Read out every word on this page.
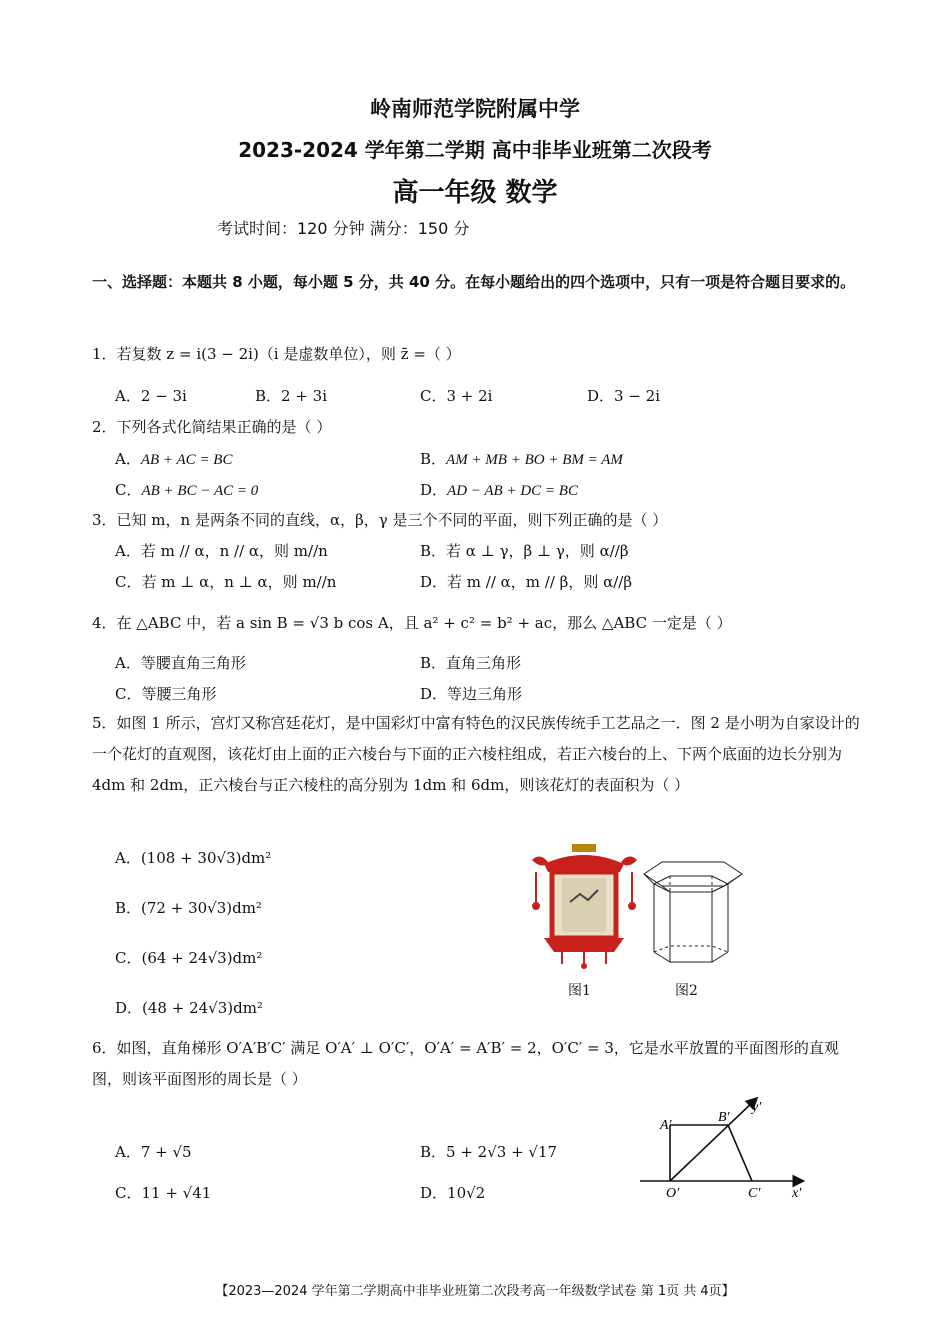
岭南师范学院附属中学
2023-2024 学年第二学期 高中非毕业班第二次段考
高一年级 数学
考试时间：120 分钟 满分：150 分
一、选择题：本题共 8 小题，每小题 5 分，共 40 分。在每小题给出的四个选项中，只有一项是符合题目要求的。
1．若复数 z = i(3 − 2i)（i 是虚数单位），则 z̄ =（ ）
A．2 − 3i	B．2 + 3i	C．3 + 2i	D．3 − 2i
2．下列各式化简结果正确的是（ ）
A．AB + AC = BC	B．AM + MB + BO + BM = AM
C．AB + BC − AC = 0	D．AD − AB + DC = BC
3．已知 m，n 是两条不同的直线，α，β，γ 是三个不同的平面，则下列正确的是（ ）
A．若 m // α，n // α，则 m//n	B．若 α ⊥ γ，β ⊥ γ，则 α//β
C．若 m ⊥ α，n ⊥ α，则 m//n	D．若 m // α，m // β，则 α//β
4．在 △ABC 中，若 a sin B = √3 b cos A，且 a² + c² = b² + ac，那么 △ABC 一定是（ ）
A．等腰直角三角形	B．直角三角形
C．等腰三角形	D．等边三角形
5．如图 1 所示，宫灯又称宫廷花灯，是中国彩灯中富有特色的汉民族传统手工艺品之一．图 2 是小明为自家设计的一个花灯的直观图，该花灯由上面的正六棱台与下面的正六棱柱组成，若正六棱台的上、下两个底面的边长分别为 4dm 和 2dm，正六棱台与正六棱柱的高分别为 1dm 和 6dm，则该花灯的表面积为（ ）
A．(108 + 30√3)dm²
B．(72 + 30√3)dm²
C．(64 + 24√3)dm²
D．(48 + 24√3)dm²
图1	图2
6．如图，直角梯形 O′A′B′C′ 满足 O′A′ ⊥ O′C′，O′A′ = A′B′ = 2，O′C′ = 3，它是水平放置的平面图形的直观图，则该平面图形的周长是（ ）
A．7 + √5	B．5 + 2√3 + √17
C．11 + √41	D．10√2
A′
B′
O′	C′ x′
y′
【2023—2024 学年第二学期高中非毕业班第二次段考高一年级数学试卷 第 1页 共 4页】
